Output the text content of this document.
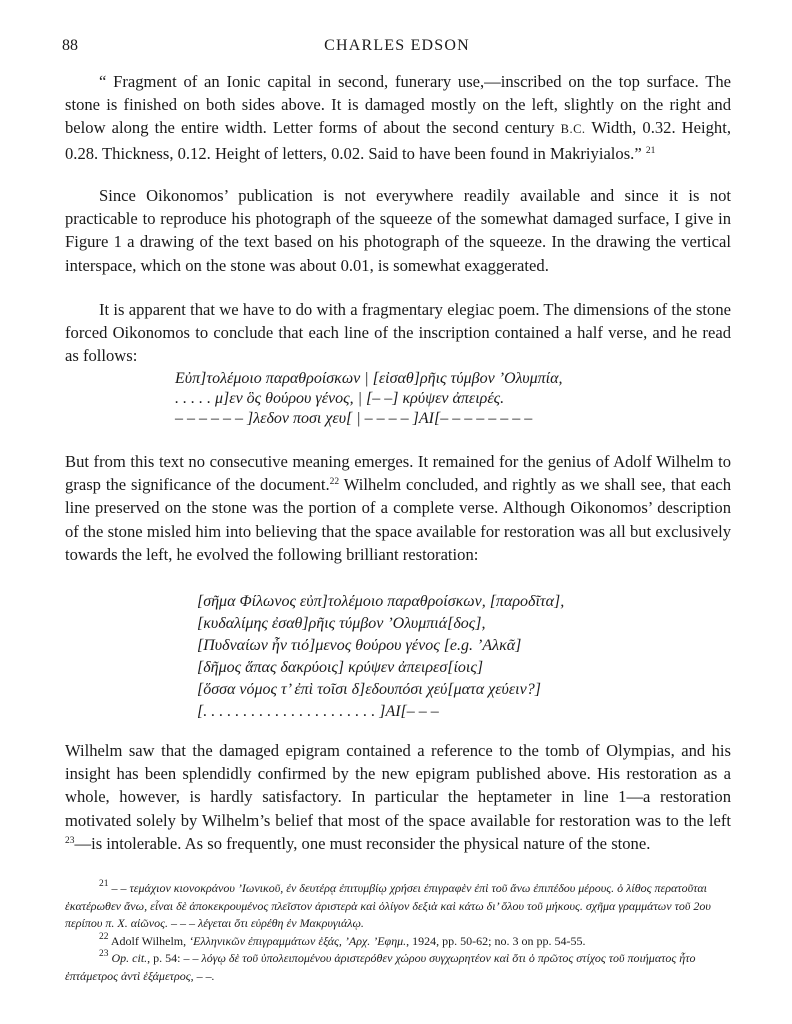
88	CHARLES EDSON

“ Fragment of an Ionic capital in second, funerary use,—inscribed on the top surface. The stone is finished on both sides above. It is damaged mostly on the left, slightly on the right and below along the entire width. Letter forms of about the second century B.C. Width, 0.32. Height, 0.28. Thickness, 0.12. Height of letters, 0.02. Said to have been found in Makriyialos.” $^{21}$

Since Oikonomos’ publication is not everywhere readily available and since it is not practicable to reproduce his photograph of the squeeze of the somewhat damaged surface, I give in Figure 1 a drawing of the text based on his photograph of the squeeze. In the drawing the vertical interspace, which on the stone was about 0.01, is somewhat exaggerated.

It is apparent that we have to do with a fragmentary elegiac poem. The dimensions of the stone forced Oikonomos to conclude that each line of the inscription contained a half verse, and he read as follows:

Εὐπ]τολέμοιο παραθροίσκων | [εἰσαθ]ρῆις τύμβον ’Ολυμπία,
. . . . . μ]εν ὃς θούρου γένος, | [– –] κρύψεν ἀπειρές.
– – – – – – ]λεδον ποσι χευ[ | – – – – ]ΑΙ[– – – – – – – –

But from this text no consecutive meaning emerges. It remained for the genius of Adolf Wilhelm to grasp the significance of the document.$^{22}$ Wilhelm concluded, and rightly as we shall see, that each line preserved on the stone was the portion of a complete verse. Although Oikonomos’ description of the stone misled him into believing that the space available for restoration was all but exclusively towards the left, he evolved the following brilliant restoration:

[σῆμα Φίλωνος εὐπ]τολέμοιο παραθροίσκων, [παροδῖτα],
[κυδαλίμης ἐσαθ]ρῆις τύμβον ’Ολυμπιά[δος],
[Πυδναίων ἦν τιό]μενος θούρου γένος [e.g. ’Αλκᾶ]
[δῆμος ἅπας δακρύοις] κρύψεν ἀπειρεσ[ίοις]
[ὅσσα νόμος τ’ ἐπὶ τοῖσι δ]εδουπόσι χεύ[ματα χεύειν?]
[. . . . . . . . . . . . . . . . . . . . . . ]ΑΙ[– – –

Wilhelm saw that the damaged epigram contained a reference to the tomb of Olympias, and his insight has been splendidly confirmed by the new epigram published above. His restoration as a whole, however, is hardly satisfactory. In particular the heptameter in line 1—a restoration motivated solely by Wilhelm’s belief that most of the space available for restoration was to the left $^{23}$—is intolerable. As so frequently, one must reconsider the physical nature of the stone.

$^{21}$ – – τεμάχιον κιονοκράνου ’Ιωνικοῦ, ἐν δευτέρᾳ ἐπιτυμβίῳ χρήσει ἐπιγραφὲν ἐπὶ τοῦ ἄνω ἐπιπέδου μέρους. ὁ λίθος περατοῦται ἑκατέρωθεν ἄνω, εἶναι δὲ ἀποκεκρουμένος πλεῖστον ἀριστερὰ καὶ ὀλίγον δεξιὰ καὶ κάτω δι’ ὅλου τοῦ μήκους. σχῆμα γραμμάτων τοῦ 2ου περίπου π. Χ. αἰῶνος. – – – λέγεται ὅτι εὑρέθη ἐν Μακρυγιάλῳ.
$^{22}$ Adolf Wilhelm, ‘Ελληνικῶν ἐπιγραμμάτων ἑξάς, ’Αρχ. ’Εφημ., 1924, pp. 50-62; no. 3 on pp. 54-55.
$^{23}$ Op. cit., p. 54: – – λόγῳ δὲ τοῦ ὑπολειπομένου ἀριστερόθεν χώρου συγχωρητέον καὶ ὅτι ὁ πρῶτος στίχος τοῦ ποιήματος ἦτο ἑπτάμετρος ἀντὶ ἑξάμετρος, – –.
